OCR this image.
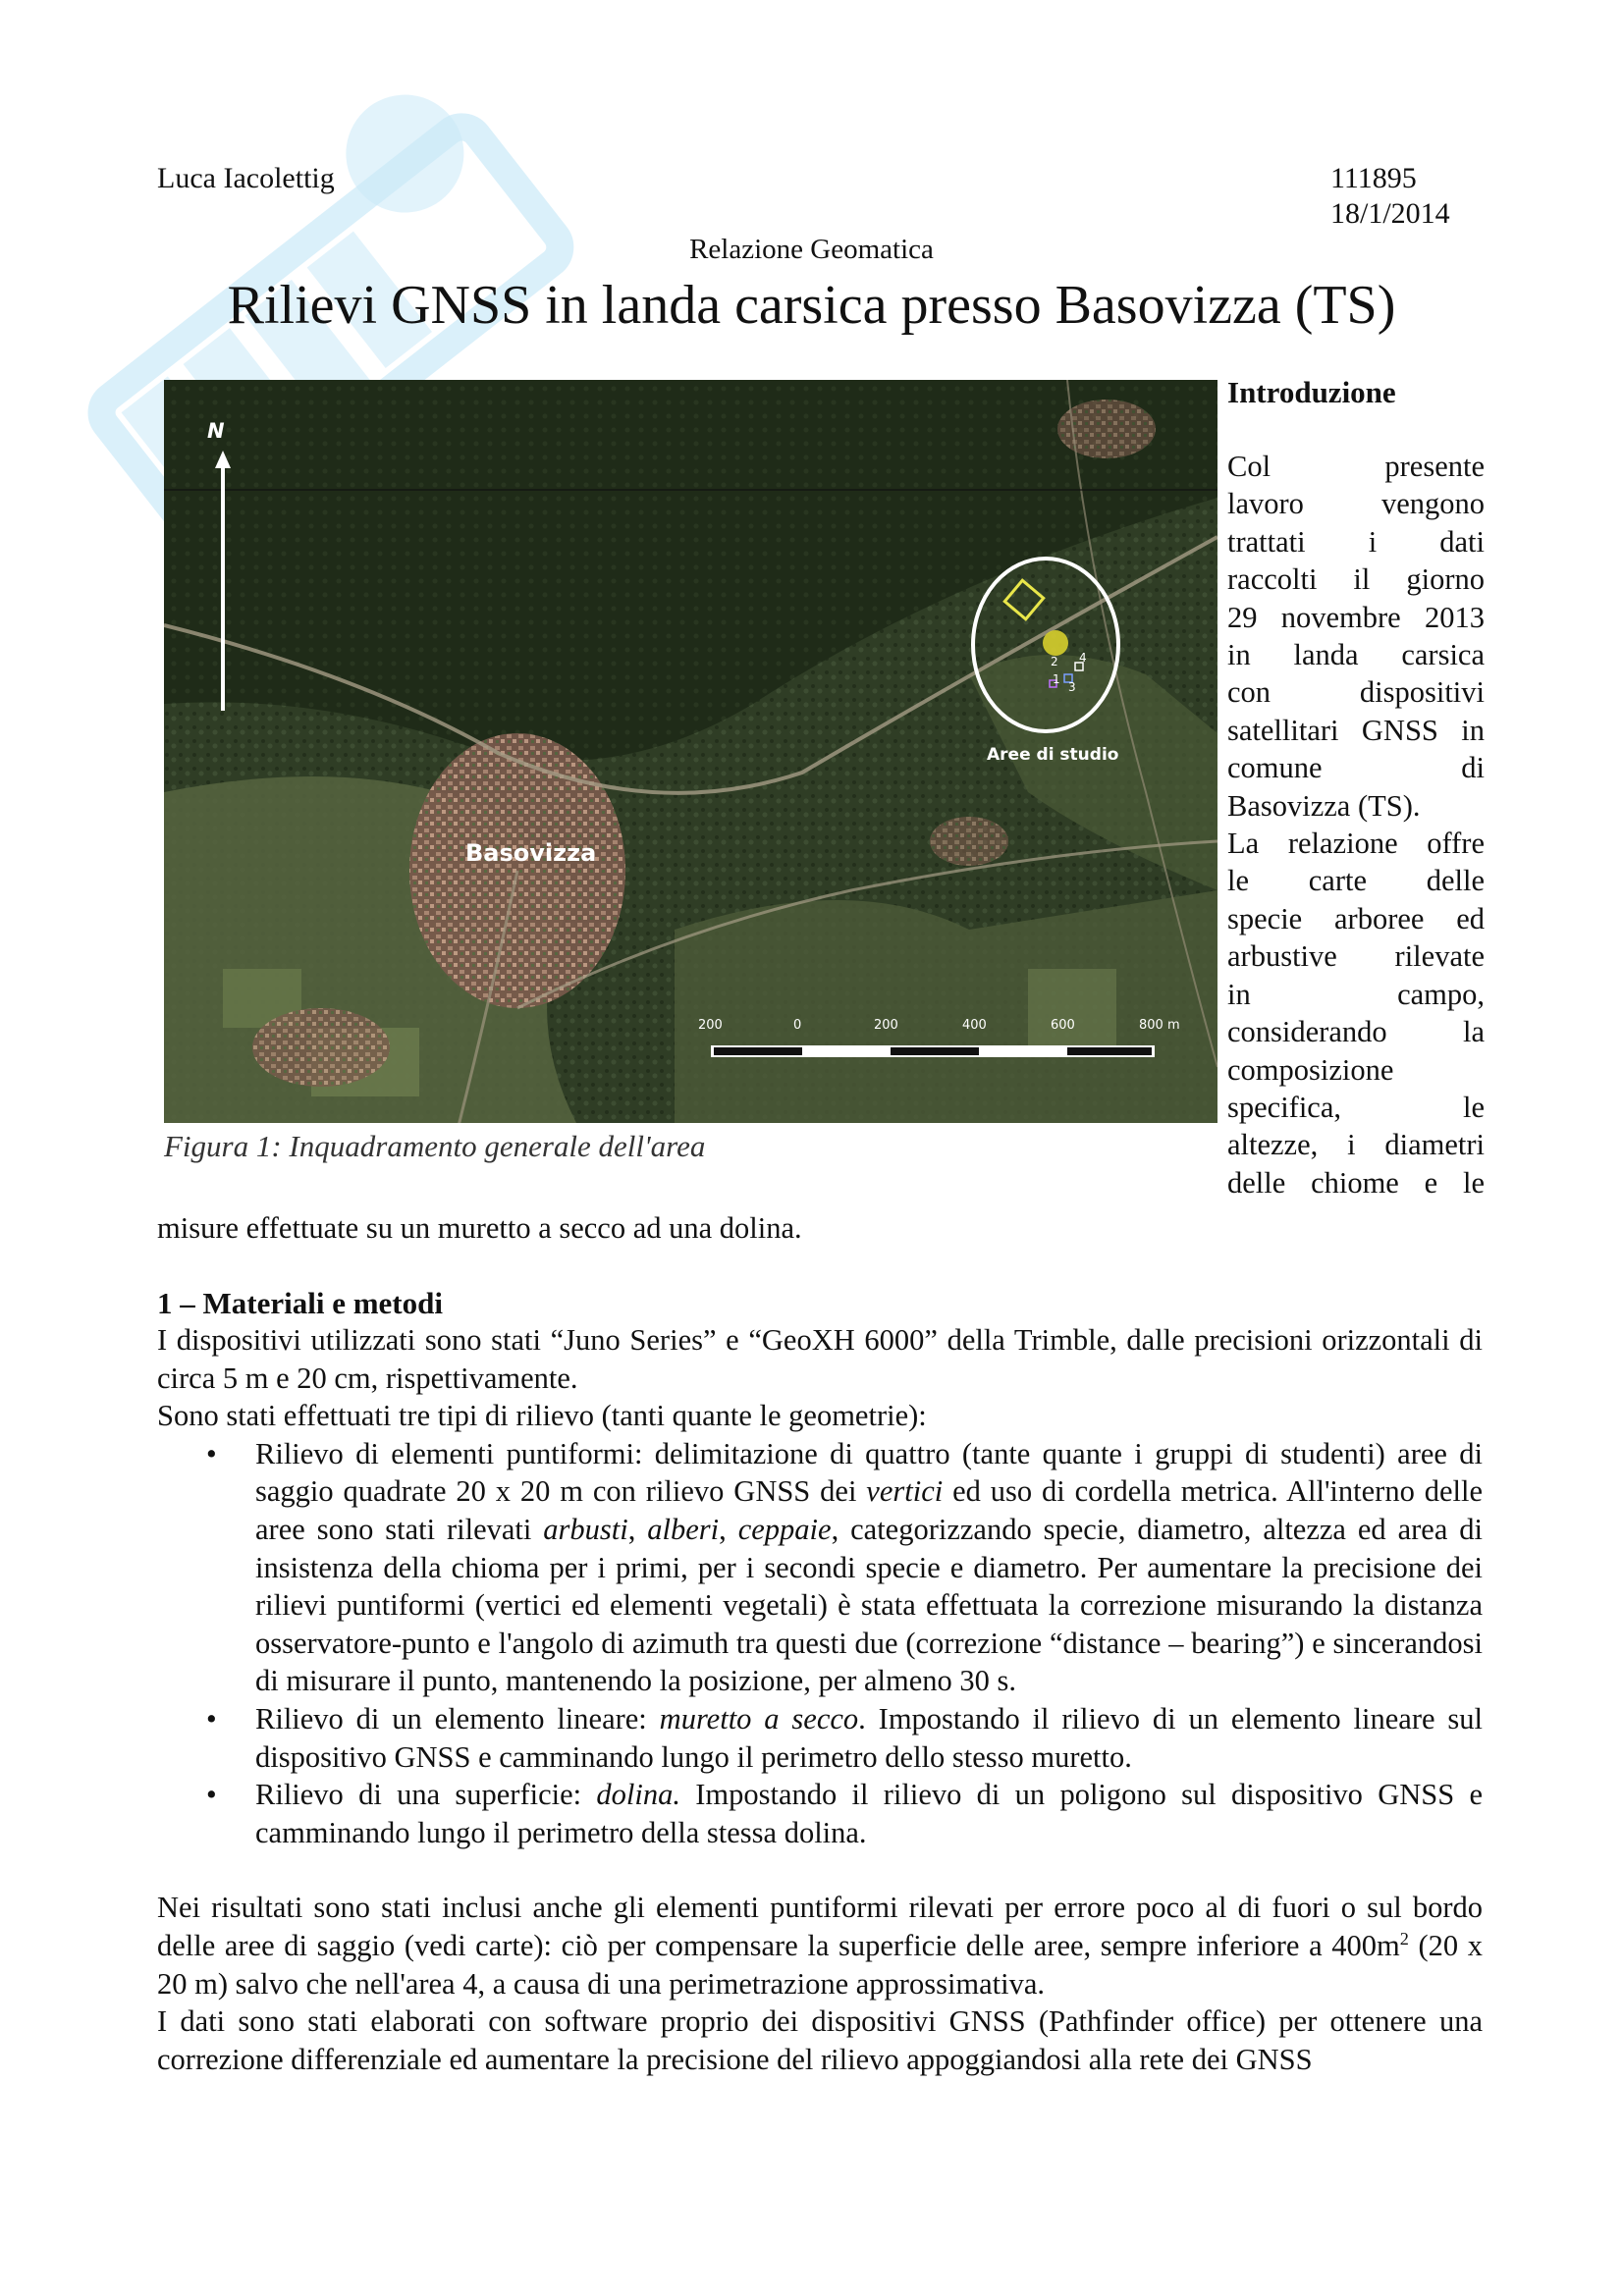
Luca Iacolettig	111895
18/1/2014
Relazione Geomatica
Rilievi GNSS in landa carsica presso Basovizza (TS)
N
Basovizza
Aree di studio
1
2
3
4
200	0	200	400	600	800 m
Figura 1: Inquadramento generale dell'area
Introduzione
Col presente
lavoro vengono
trattati i dati
raccolti il giorno
29 novembre 2013
in landa carsica
con dispositivi
satellitari GNSS in
comune di
Basovizza (TS).
La relazione offre
le carte delle
specie arboree ed
arbustive rilevate
in campo,
considerando la
composizione
specifica, le
altezze, i diametri
delle chiome e le
misure effettuate su un muretto a secco ad una dolina.
1 – Materiali e metodi
I dispositivi utilizzati sono stati “Juno Series” e “GeoXH 6000” della Trimble, dalle precisioni orizzontali di circa 5 m e 20 cm, rispettivamente.
Sono stati effettuati tre tipi di rilievo (tanti quante le geometrie):
• Rilievo di elementi puntiformi: delimitazione di quattro (tante quante i gruppi di studenti) aree di saggio quadrate 20 x 20 m con rilievo GNSS dei vertici ed uso di cordella metrica. All'interno delle aree sono stati rilevati arbusti, alberi, ceppaie, categorizzando specie, diametro, altezza ed area di insistenza della chioma per i primi, per i secondi specie e diametro. Per aumentare la precisione dei rilievi puntiformi (vertici ed elementi vegetali) è stata effettuata la correzione misurando la distanza osservatore-punto e l'angolo di azimuth tra questi due (correzione “distance – bearing”) e sincerandosi di misurare il punto, mantenendo la posizione, per almeno 30 s.
• Rilievo di un elemento lineare: muretto a secco. Impostando il rilievo di un elemento lineare sul dispositivo GNSS e camminando lungo il perimetro dello stesso muretto.
• Rilievo di una superficie: dolina. Impostando il rilievo di un poligono sul dispositivo GNSS e camminando lungo il perimetro della stessa dolina.
Nei risultati sono stati inclusi anche gli elementi puntiformi rilevati per errore poco al di fuori o sul bordo delle aree di saggio (vedi carte): ciò per compensare la superficie delle aree, sempre inferiore a $400m^2$ (20 x 20 m) salvo che nell'area 4, a causa di una perimetrazione approssimativa.
I dati sono stati elaborati con software proprio dei dispositivi GNSS (Pathfinder office) per ottenere una correzione differenziale ed aumentare la precisione del rilievo appoggiandosi alla rete dei GNSS
